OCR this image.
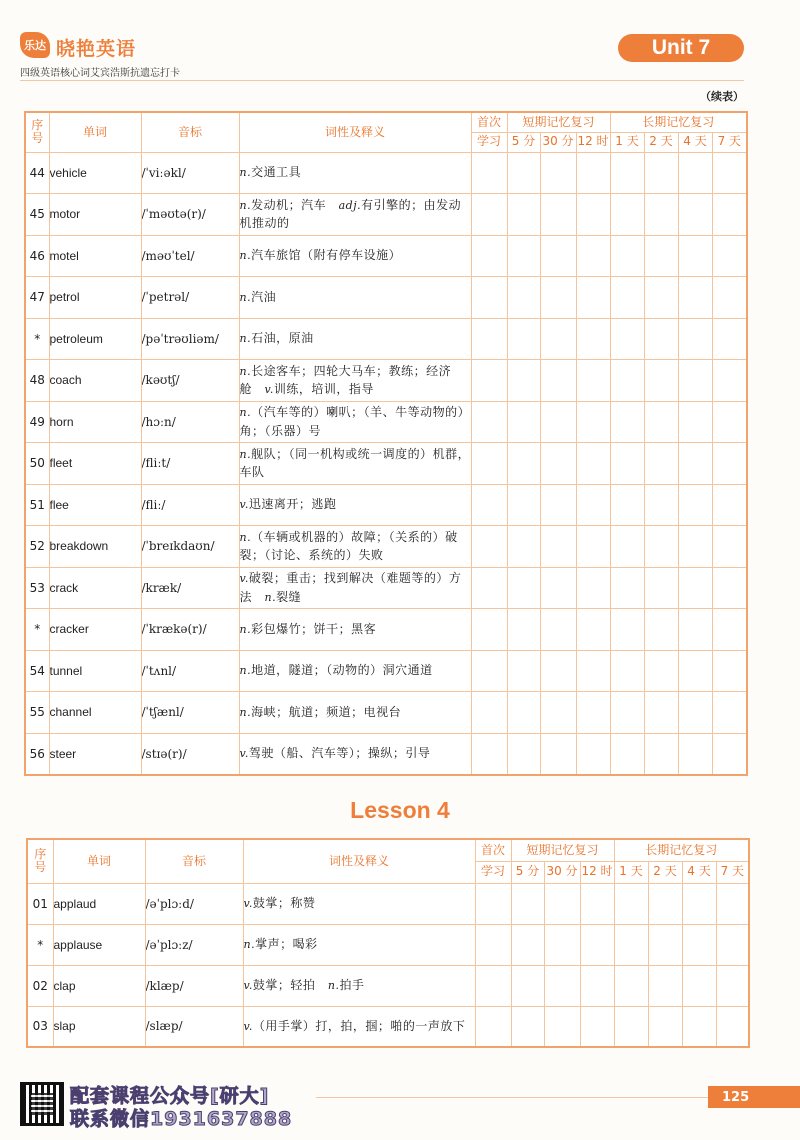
乐达 晓艳英语
四级英语核心词艾宾浩斯抗遗忘打卡
Unit 7
（续表）
序
号	单词	音标	词性及释义	首次	短期记忆复习			长期记忆复习			
				学习	5 分	30 分	12 时	1 天	2 天	4 天	7 天
44	vehicle	/ˈviːəkl/	n.交通工具								
45	motor	/ˈməʊtə(r)/	n.发动机；汽车  adj.有引擎的；由发动机推动的								
46	motel	/məʊˈtel/	n.汽车旅馆（附有停车设施）								
47	petrol	/ˈpetrəl/	n.汽油								
*	petroleum	/pəˈtrəʊliəm/	n.石油，原油								
48	coach	/kəʊtʃ/	n.长途客车；四轮大马车；教练；经济舱  v.训练，培训，指导								
49	horn	/hɔːn/	n.（汽车等的）喇叭；（羊、牛等动物的）角；（乐器）号								
50	fleet	/fliːt/	n.舰队；（同一机构或统一调度的）机群，车队								
51	flee	/fliː/	v.迅速离开；逃跑								
52	breakdown	/ˈbreɪkdaʊn/	n.（车辆或机器的）故障；（关系的）破裂；（讨论、系统的）失败								
53	crack	/kræk/	v.破裂；重击；找到解决（难题等的）方法  n.裂缝								
*	cracker	/ˈkrækə(r)/	n.彩包爆竹；饼干；黑客								
54	tunnel	/ˈtʌnl/	n.地道，隧道；（动物的）洞穴通道								
55	channel	/ˈtʃænl/	n.海峡；航道；频道；电视台								
56	steer	/stɪə(r)/	v.驾驶（船、汽车等）；操纵；引导								
Lesson 4
序
号	单词	音标	词性及释义	首次	短期记忆复习			长期记忆复习			
				学习	5 分	30 分	12 时	1 天	2 天	4 天	7 天
01	applaud	/əˈplɔːd/	v.鼓掌；称赞								
*	applause	/əˈplɔːz/	n.掌声；喝彩								
02	clap	/klæp/	v.鼓掌；轻拍  n.拍手								
03	slap	/slæp/	v.（用手掌）打，拍，掴；啪的一声放下								
配套课程公众号[研大]
联系微信1931637888
125
